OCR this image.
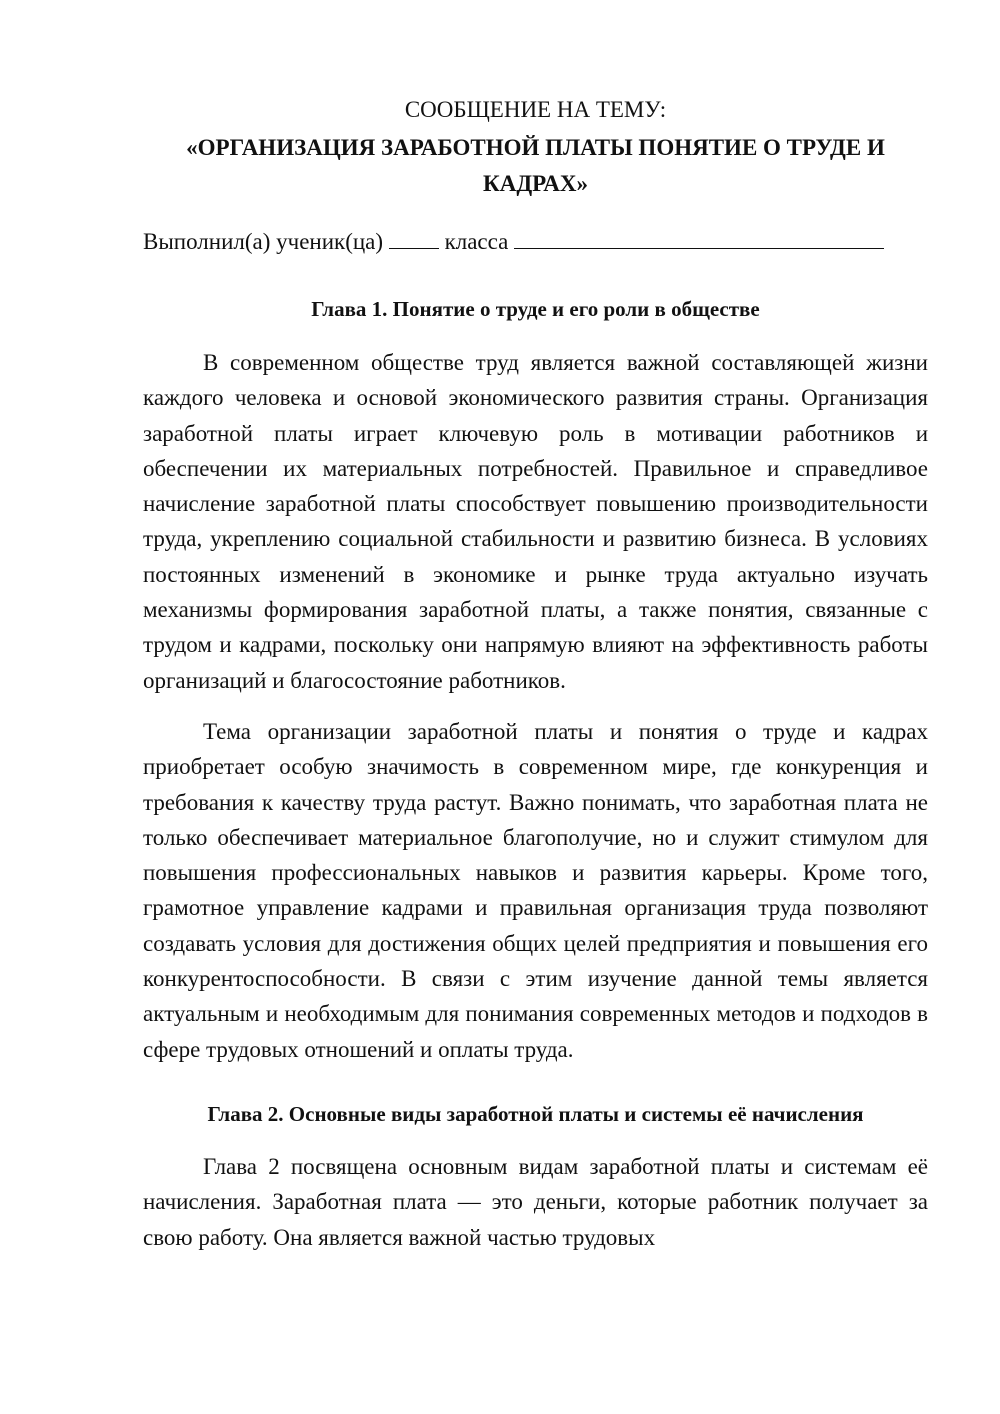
СООБЩЕНИЕ НА ТЕМУ:

«ОРГАНИЗАЦИЯ ЗАРАБОТНОЙ ПЛАТЫ ПОНЯТИЕ О ТРУДЕ И КАДРАХ»

Выполнил(а) ученик(ца)	класса

Глава 1. Понятие о труде и его роли в обществе

В современном обществе труд является важной составляющей жизни каждого человека и основой экономического развития страны. Организация заработной платы играет ключевую роль в мотивации работников и обеспечении их материальных потребностей. Правильное и справедливое начисление заработной платы способствует повышению производительности труда, укреплению социальной стабильности и развитию бизнеса. В условиях постоянных изменений в экономике и рынке труда актуально изучать механизмы формирования заработной платы, а также понятия, связанные с трудом и кадрами, поскольку они напрямую влияют на эффективность работы организаций и благосостояние работников.

Тема организации заработной платы и понятия о труде и кадрах приобретает особую значимость в современном мире, где конкуренция и требования к качеству труда растут. Важно понимать, что заработная плата не только обеспечивает материальное благополучие, но и служит стимулом для повышения профессиональных навыков и развития карьеры. Кроме того, грамотное управление кадрами и правильная организация труда позволяют создавать условия для достижения общих целей предприятия и повышения его конкурентоспособности. В связи с этим изучение данной темы является актуальным и необходимым для понимания современных методов и подходов в сфере трудовых отношений и оплаты труда.

Глава 2. Основные виды заработной платы и системы её начисления

Глава 2 посвящена основным видам заработной платы и системам её начисления. Заработная плата — это деньги, которые работник получает за свою работу. Она является важной частью трудовых
